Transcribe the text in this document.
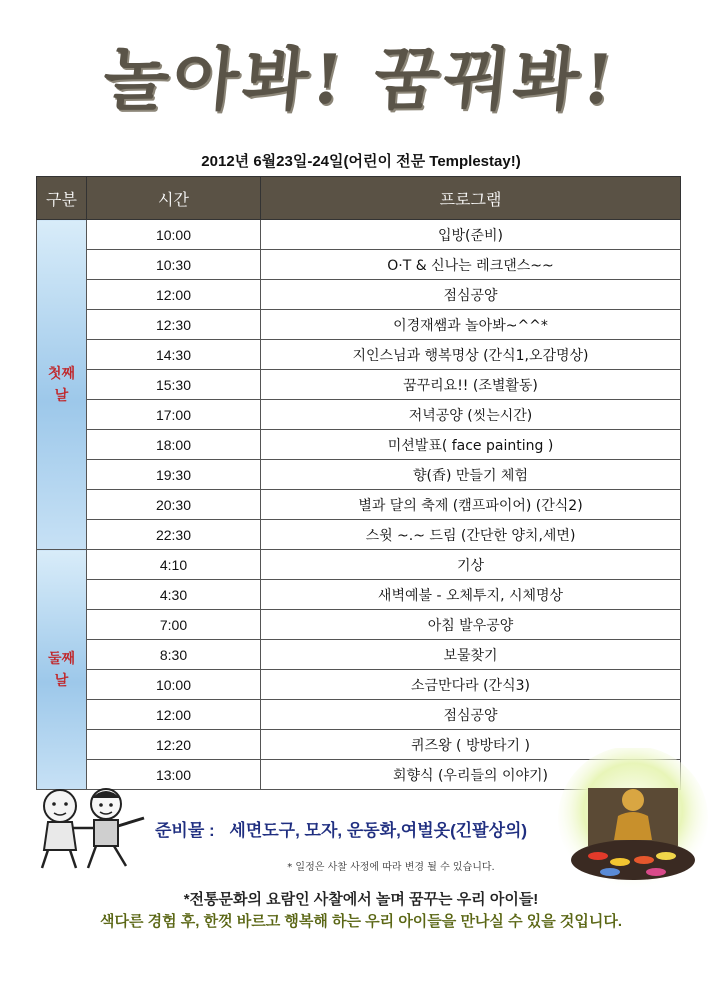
놀아봐! 꿈꿔봐!
2012년 6월23일-24일(어린이 전문 Templestay!)
구분	시간	프로그램

첫째
날	10:00	입방(준비)
	10:30	O·T & 신나는 레크댄스~~
	12:00	점심공양
	12:30	이경재쌤과 놀아봐~^^*
	14:30	지인스님과 행복명상 (간식1,오감명상)
	15:30	꿈꾸리요!! (조별활동)
	17:00	저녁공양 (씻는시간)
	18:00	미션발표( face painting )
	19:30	향(香) 만들기 체험
	20:30	별과 달의 축제 (캠프파이어) (간식2)
	22:30	스윗 ~.~ 드림 (간단한 양치,세면)

둘째
날	4:10	기상
	4:30	새벽예불 - 오체투지, 시체명상
	7:00	아침 발우공양
	8:30	보물찾기
	10:00	소금만다라 (간식3)
	12:00	점심공양
	12:20	퀴즈왕 ( 방방타기 )
	13:00	회향식 (우리들의 이야기)
준비물 : 세면도구, 모자, 운동화,여벌옷(긴팔상의)
* 일정은 사찰 사정에 따라 변경 될 수 있습니다.
*전통문화의 요람인 사찰에서 놀며 꿈꾸는 우리 아이들!
색다른 경험 후, 한껏 바르고 행복해 하는 우리 아이들을 만나실 수 있을 것입니다.
